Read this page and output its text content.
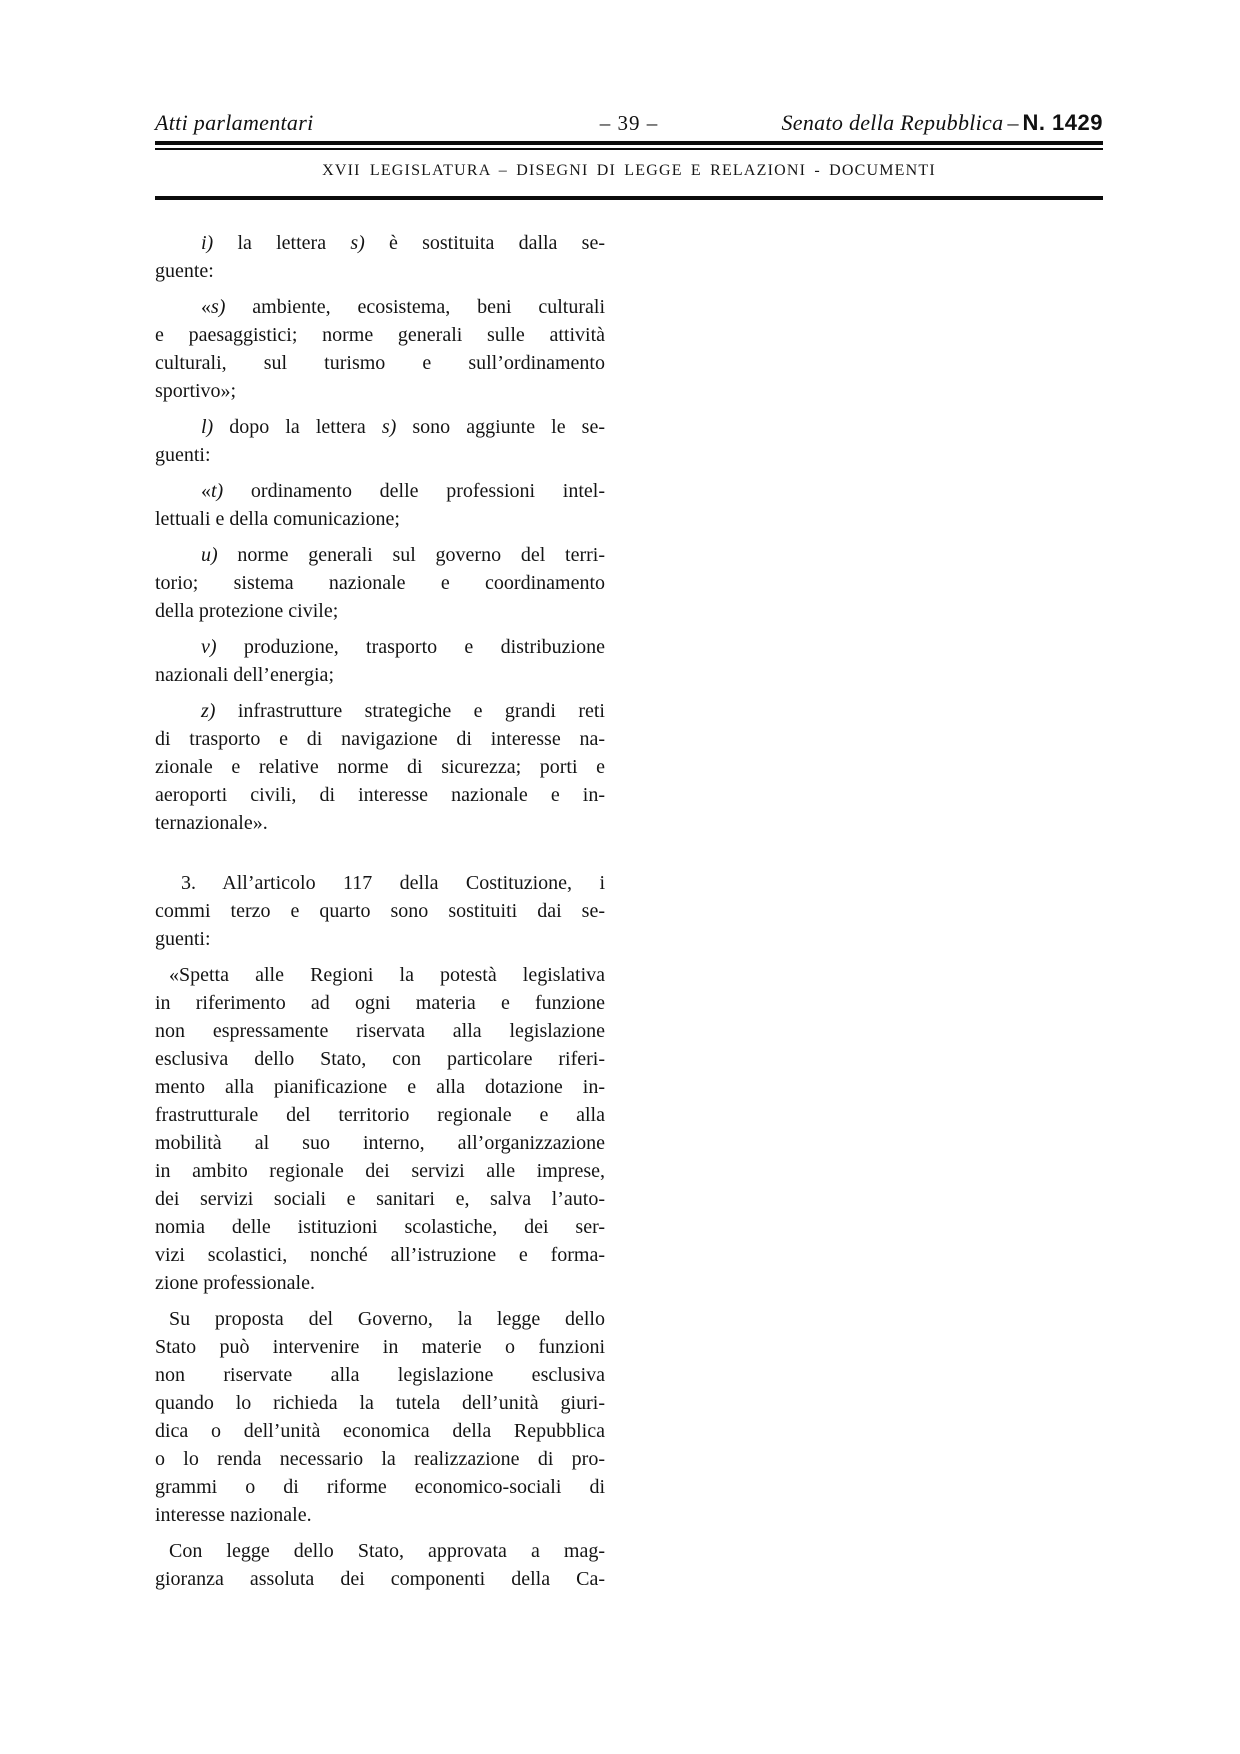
Atti parlamentari	– 39 –	Senato della Repubblica – N. 1429
XVII LEGISLATURA – DISEGNI DI LEGGE E RELAZIONI - DOCUMENTI
i) la lettera s) è sostituita dalla se-
guente:
«s) ambiente, ecosistema, beni culturali
e paesaggistici; norme generali sulle attività
culturali, sul turismo e sull’ordinamento
sportivo»;
l) dopo la lettera s) sono aggiunte le se-
guenti:
«t) ordinamento delle professioni intel-
lettuali e della comunicazione;
u) norme generali sul governo del terri-
torio; sistema nazionale e coordinamento
della protezione civile;
v) produzione, trasporto e distribuzione
nazionali dell’energia;
z) infrastrutture strategiche e grandi reti
di trasporto e di navigazione di interesse na-
zionale e relative norme di sicurezza; porti e
aeroporti civili, di interesse nazionale e in-
ternazionale».
3. All’articolo 117 della Costituzione, i
commi terzo e quarto sono sostituiti dai se-
guenti:
«Spetta alle Regioni la potestà legislativa
in riferimento ad ogni materia e funzione
non espressamente riservata alla legislazione
esclusiva dello Stato, con particolare riferi-
mento alla pianificazione e alla dotazione in-
frastrutturale del territorio regionale e alla
mobilità al suo interno, all’organizzazione
in ambito regionale dei servizi alle imprese,
dei servizi sociali e sanitari e, salva l’auto-
nomia delle istituzioni scolastiche, dei ser-
vizi scolastici, nonché all’istruzione e forma-
zione professionale.
Su proposta del Governo, la legge dello
Stato può intervenire in materie o funzioni
non riservate alla legislazione esclusiva
quando lo richieda la tutela dell’unità giuri-
dica o dell’unità economica della Repubblica
o lo renda necessario la realizzazione di pro-
grammi o di riforme economico-sociali di
interesse nazionale.
Con legge dello Stato, approvata a mag-
gioranza assoluta dei componenti della Ca-
